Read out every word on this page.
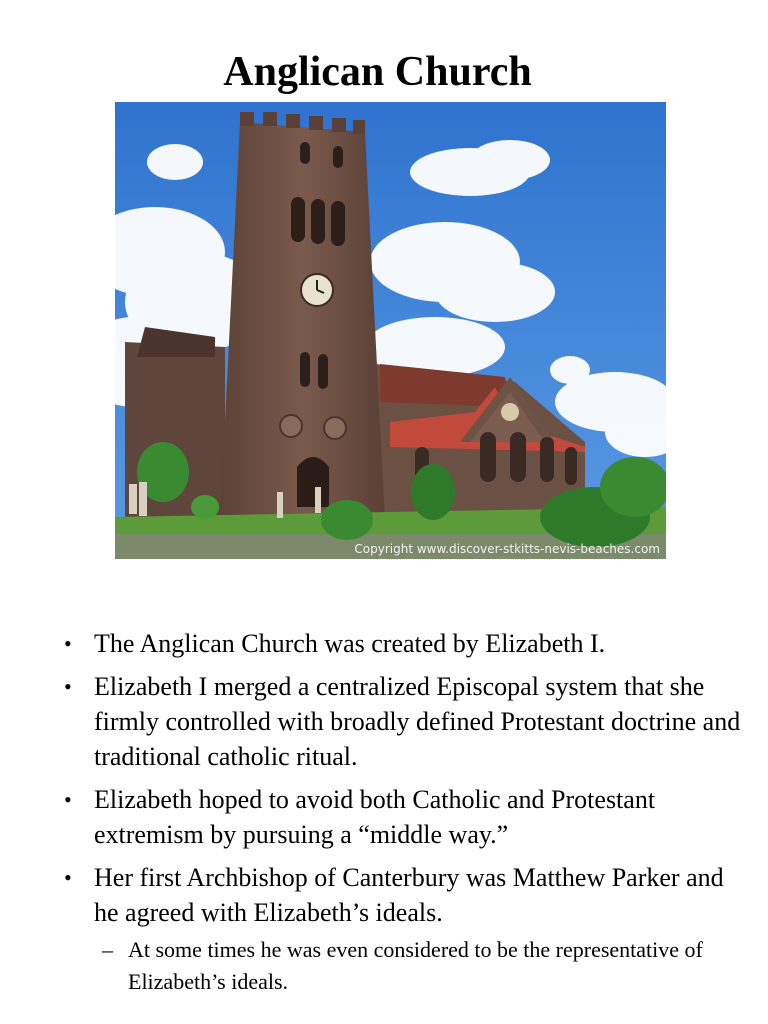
Anglican Church
Copyright www.discover-stkitts-nevis-beaches.com
• The Anglican Church was created by Elizabeth I.
• Elizabeth I merged a centralized Episcopal system that she firmly controlled with broadly defined Protestant doctrine and traditional catholic ritual.
• Elizabeth hoped to avoid both Catholic and Protestant extremism by pursuing a “middle way.”
• Her first Archbishop of Canterbury was Matthew Parker and he agreed with Elizabeth’s ideals.
– At some times he was even considered to be the representative of Elizabeth’s ideals.
